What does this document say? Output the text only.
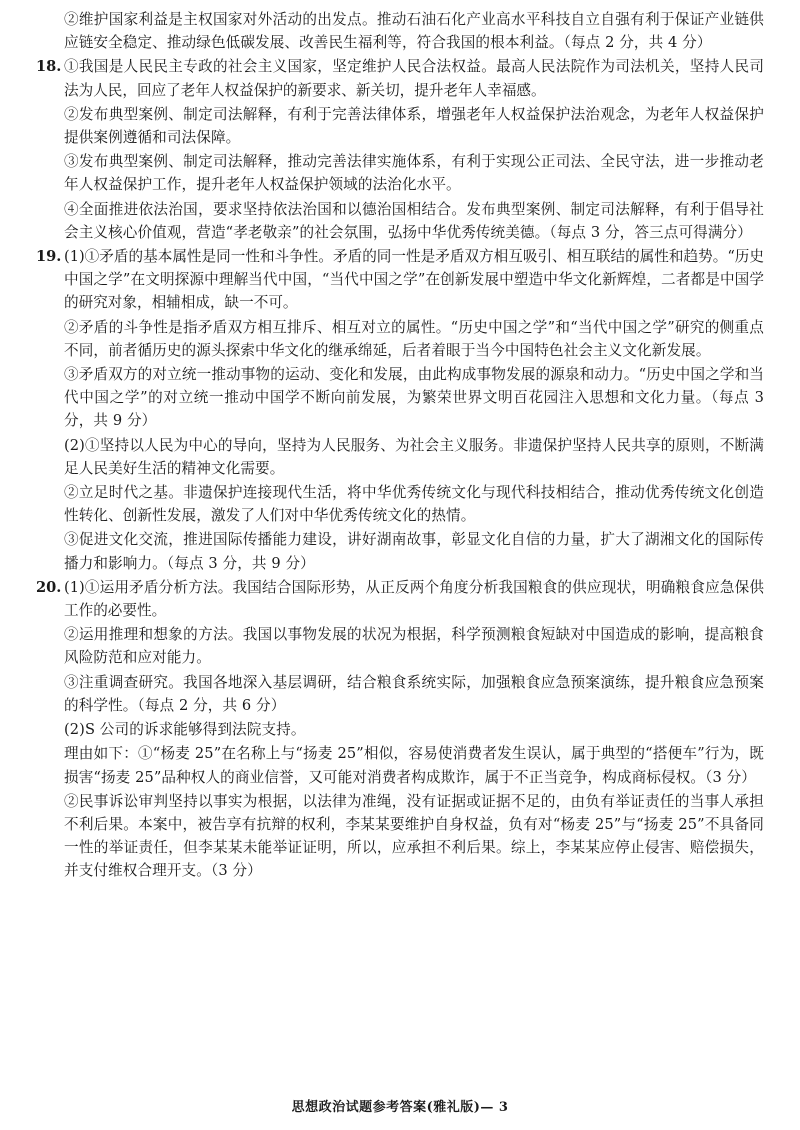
②维护国家利益是主权国家对外活动的出发点。推动石油石化产业高水平科技自立自强有利于保证产业链供应链安全稳定、推动绿色低碳发展、改善民生福利等，符合我国的根本利益。（每点 2 分，共 4 分）

18. ①我国是人民民主专政的社会主义国家，坚定维护人民合法权益。最高人民法院作为司法机关，坚持人民司法为人民，回应了老年人权益保护的新要求、新关切，提升老年人幸福感。

②发布典型案例、制定司法解释，有利于完善法律体系，增强老年人权益保护法治观念，为老年人权益保护提供案例遵循和司法保障。

③发布典型案例、制定司法解释，推动完善法律实施体系，有利于实现公正司法、全民守法，进一步推动老年人权益保护工作，提升老年人权益保护领域的法治化水平。

④全面推进依法治国，要求坚持依法治国和以德治国相结合。发布典型案例、制定司法解释，有利于倡导社会主义核心价值观，营造“孝老敬亲”的社会氛围，弘扬中华优秀传统美德。（每点 3 分，答三点可得满分）

19. (1)①矛盾的基本属性是同一性和斗争性。矛盾的同一性是矛盾双方相互吸引、相互联结的属性和趋势。“历史中国之学”在文明探源中理解当代中国，“当代中国之学”在创新发展中塑造中华文化新辉煌，二者都是中国学的研究对象，相辅相成，缺一不可。

②矛盾的斗争性是指矛盾双方相互排斥、相互对立的属性。“历史中国之学”和“当代中国之学”研究的侧重点不同，前者循历史的源头探索中华文化的继承绵延，后者着眼于当今中国特色社会主义文化新发展。

③矛盾双方的对立统一推动事物的运动、变化和发展，由此构成事物发展的源泉和动力。“历史中国之学和当代中国之学”的对立统一推动中国学不断向前发展，为繁荣世界文明百花园注入思想和文化力量。（每点 3 分，共 9 分）

(2)①坚持以人民为中心的导向，坚持为人民服务、为社会主义服务。非遗保护坚持人民共享的原则，不断满足人民美好生活的精神文化需要。

②立足时代之基。非遗保护连接现代生活，将中华优秀传统文化与现代科技相结合，推动优秀传统文化创造性转化、创新性发展，激发了人们对中华优秀传统文化的热情。

③促进文化交流，推进国际传播能力建设，讲好湖南故事，彰显文化自信的力量，扩大了湖湘文化的国际传播力和影响力。（每点 3 分，共 9 分）

20. (1)①运用矛盾分析方法。我国结合国际形势，从正反两个角度分析我国粮食的供应现状，明确粮食应急保供工作的必要性。

②运用推理和想象的方法。我国以事物发展的状况为根据，科学预测粮食短缺对中国造成的影响，提高粮食风险防范和应对能力。

③注重调查研究。我国各地深入基层调研，结合粮食系统实际，加强粮食应急预案演练，提升粮食应急预案的科学性。（每点 2 分，共 6 分）

(2)S 公司的诉求能够得到法院支持。

理由如下：①“杨麦 25”在名称上与“扬麦 25”相似，容易使消费者发生误认，属于典型的“搭便车”行为，既损害“扬麦 25”品种权人的商业信誉，又可能对消费者构成欺诈，属于不正当竞争，构成商标侵权。（3 分）

②民事诉讼审判坚持以事实为根据，以法律为准绳，没有证据或证据不足的，由负有举证责任的当事人承担不利后果。本案中，被告享有抗辩的权利，李某某要维护自身权益，负有对“杨麦 25”与“扬麦 25”不具备同一性的举证责任，但李某某未能举证证明，所以，应承担不利后果。综上，李某某应停止侵害、赔偿损失，并支付维权合理开支。（3 分）

思想政治试题参考答案(雅礼版)— 3
